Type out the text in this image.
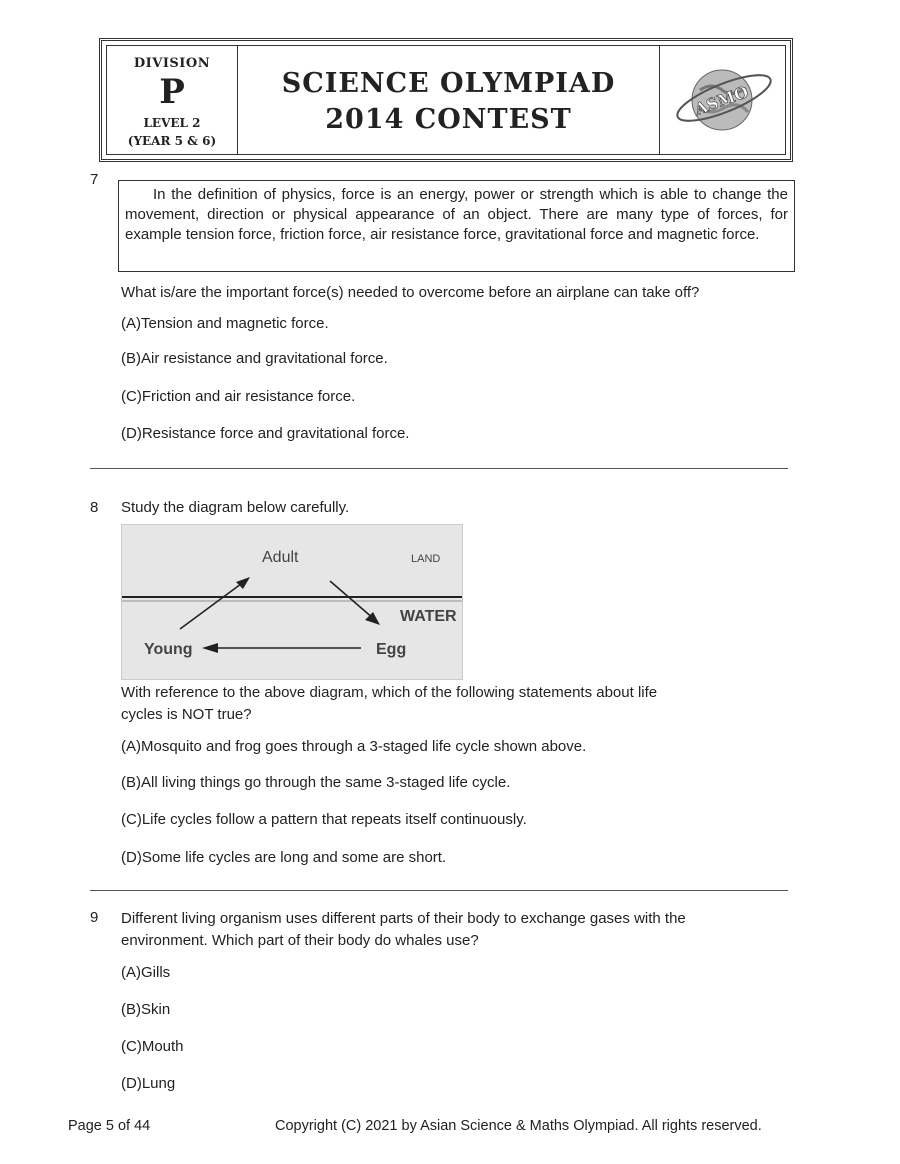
DIVISION
P
LEVEL 2
(YEAR 5 & 6)
SCIENCE OLYMPIAD
2014 CONTEST
ASMO
7
In the definition of physics, force is an energy, power or strength which is able to change the movement, direction or physical appearance of an object. There are many type of forces, for example tension force, friction force, air resistance force, gravitational force and magnetic force.
What is/are the important force(s) needed to overcome before an airplane can take off?
(A)Tension and magnetic force.
(B)Air resistance and gravitational force.
(C)Friction and air resistance force.
(D)Resistance force and gravitational force.
8 Study the diagram below carefully.
Adult	LAND
WATER
Young	Egg
With reference to the above diagram, which of the following statements about life
cycles is NOT true?
(A)Mosquito and frog goes through a 3-staged life cycle shown above.
(B)All living things go through the same 3-staged life cycle.
(C)Life cycles follow a pattern that repeats itself continuously.
(D)Some life cycles are long and some are short.
9 Different living organism uses different parts of their body to exchange gases with the
environment. Which part of their body do whales use?
(A)Gills
(B)Skin
(C)Mouth
(D)Lung
Page 5 of 44	Copyright (C) 2021 by Asian Science & Maths Olympiad. All rights reserved.
